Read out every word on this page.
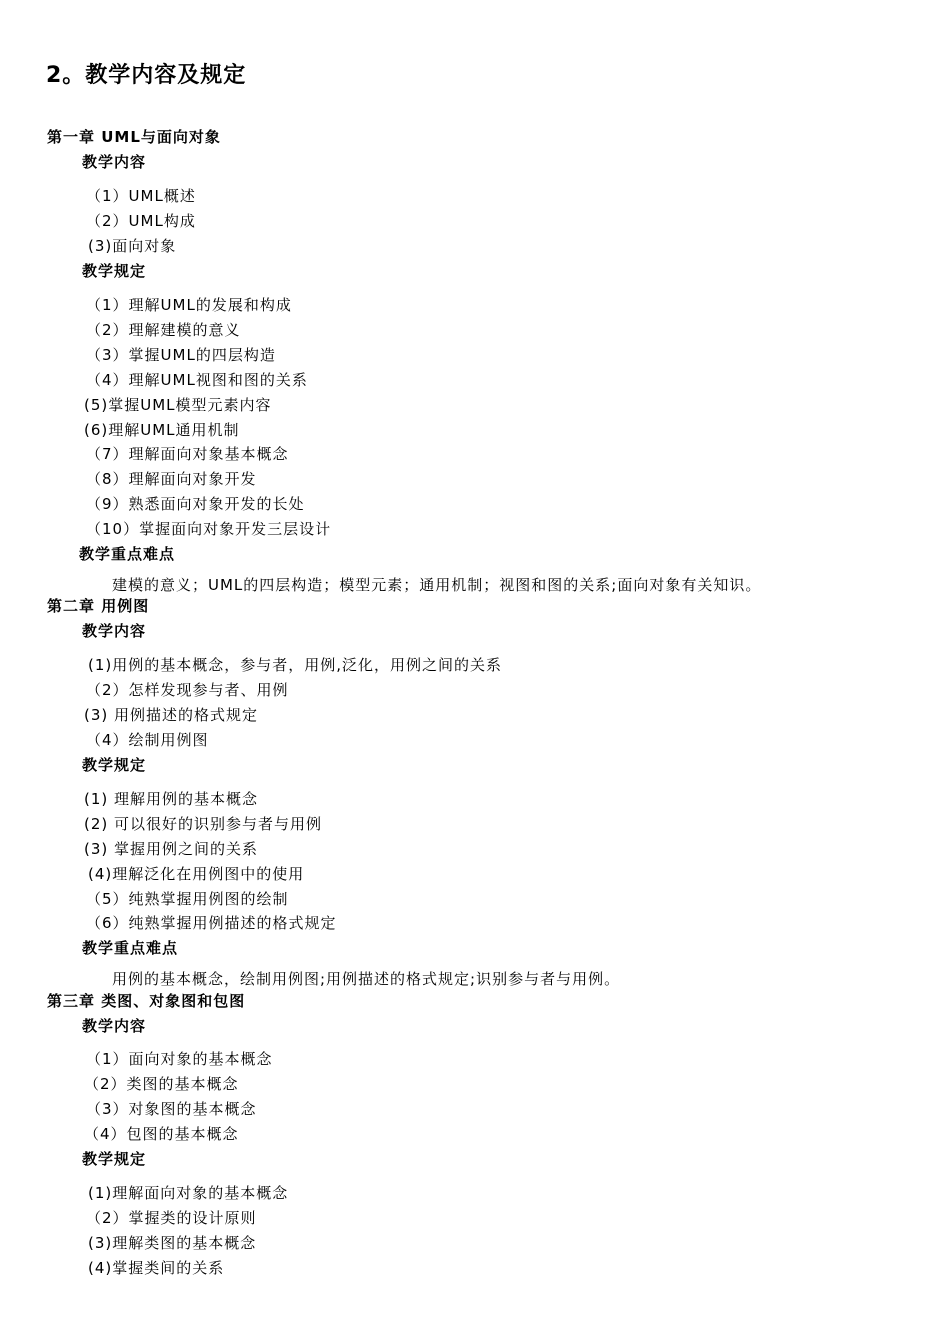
2。教学内容及规定
第一章 UML与面向对象
教学内容
（1）UML概述
（2）UML构成
(3)面向对象
教学规定
（1）理解UML的发展和构成
（2）理解建模的意义
（3）掌握UML的四层构造
（4）理解UML视图和图的关系
(5)掌握UML模型元素内容
(6)理解UML通用机制
（7）理解面向对象基本概念
（8）理解面向对象开发
（9）熟悉面向对象开发的长处
（10）掌握面向对象开发三层设计
教学重点难点
建模的意义；UML的四层构造；模型元素；通用机制；视图和图的关系;面向对象有关知识。
第二章 用例图
教学内容
(1)用例的基本概念，参与者，用例,泛化，用例之间的关系
（2）怎样发现参与者、用例
(3) 用例描述的格式规定
（4）绘制用例图
教学规定
(1) 理解用例的基本概念
(2) 可以很好的识别参与者与用例
(3) 掌握用例之间的关系
(4)理解泛化在用例图中的使用
（5）纯熟掌握用例图的绘制
（6）纯熟掌握用例描述的格式规定
教学重点难点
用例的基本概念，绘制用例图;用例描述的格式规定;识别参与者与用例。
第三章 类图、对象图和包图
教学内容
（1）面向对象的基本概念
（2）类图的基本概念
（3）对象图的基本概念
（4）包图的基本概念
教学规定
(1)理解面向对象的基本概念
（2）掌握类的设计原则
(3)理解类图的基本概念
(4)掌握类间的关系
